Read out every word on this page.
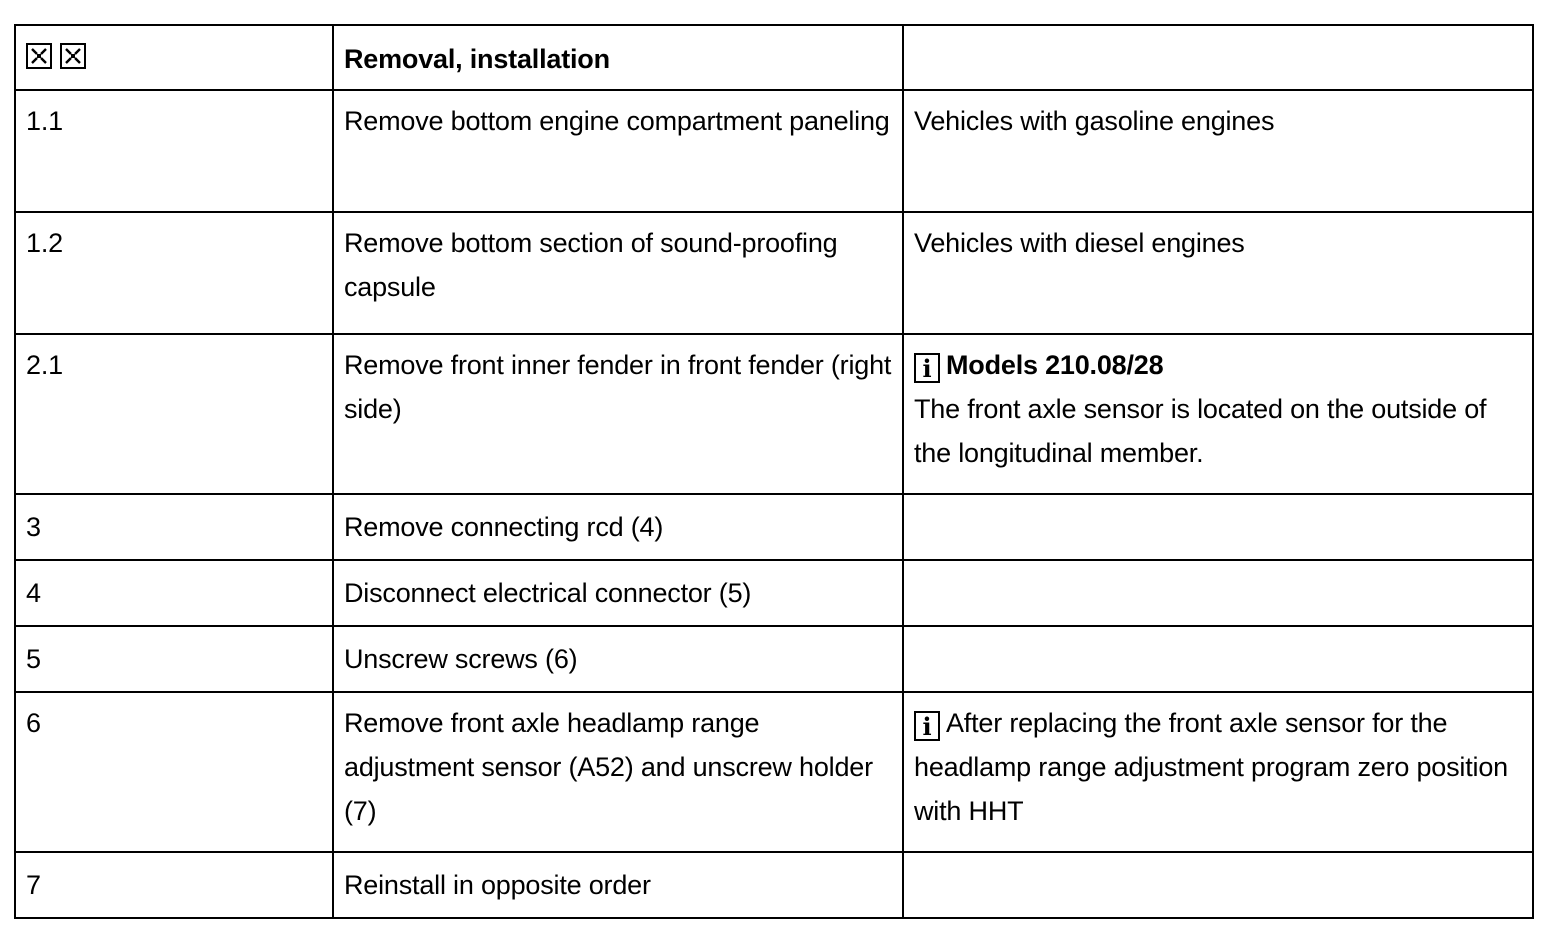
	Removal, installation	
1.1	Remove bottom engine compartment paneling	Vehicles with gasoline engines
1.2	Remove bottom section of sound-proofing capsule	Vehicles with diesel engines
2.1	Remove front inner fender in front fender (right side)	i Models 210.08/28
The front axle sensor is located on the outside of the longitudinal member.

3	Remove connecting rcd (4)	
4	Disconnect electrical connector (5)	
5	Unscrew screws (6)	
6	Remove front axle headlamp range adjustment sensor (A52) and unscrew holder (7)	i After replacing the front axle sensor for the headlamp range adjustment program zero position with HHT
7	Reinstall in opposite order	
